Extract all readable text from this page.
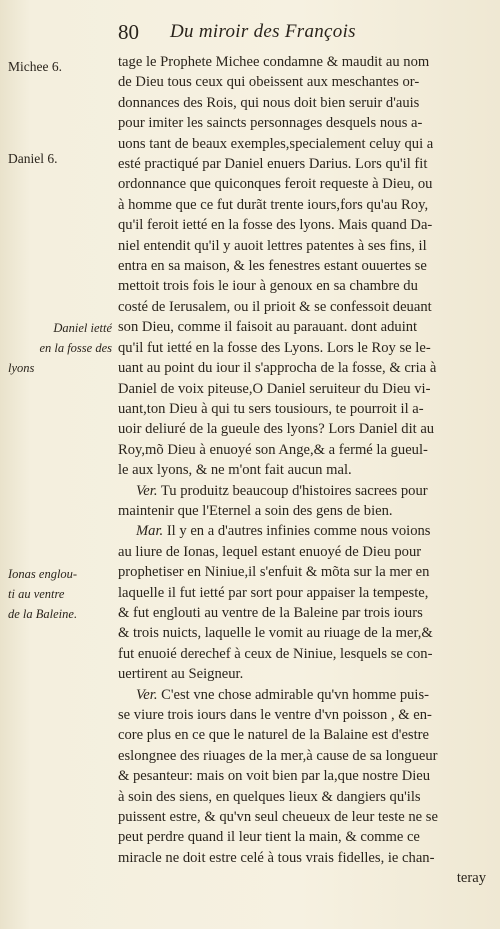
80 Du miroir des François
Michee 6.
Daniel 6.
Daniel ietté
en la fosse des
lyons
Ionas englou-
ti au ventre
de la Baleine.
tage le Prophete Michee condamne & maudit au nom
de Dieu tous ceux qui obeissent aux meschantes or-
donnances des Rois, qui nous doit bien seruir d'auis
pour imiter les saincts personnages desquels nous a-
uons tant de beaux exemples,specialement celuy qui a
esté practiqué par Daniel enuers Darius. Lors qu'il fit
ordonnance que quiconques feroit requeste à Dieu, ou
à homme que ce fut durãt trente iours,fors qu'au Roy,
qu'il feroit ietté en la fosse des lyons. Mais quand Da-
niel entendit qu'il y auoit lettres patentes à ses fins, il
entra en sa maison, & les fenestres estant ouuertes se
mettoit trois fois le iour à genoux en sa chambre du
costé de Ierusalem, ou il prioit & se confessoit deuant
son Dieu, comme il faisoit au parauant. dont aduint
qu'il fut ietté en la fosse des Lyons. Lors le Roy se le-
uant au point du iour il s'approcha de la fosse, & cria à
Daniel de voix piteuse,O Daniel seruiteur du Dieu vi-
uant,ton Dieu à qui tu sers tousiours, te pourroit il a-
uoir deliuré de la gueule des lyons? Lors Daniel dit au
Roy,mõ Dieu à enuoyé son Ange,& a fermé la gueul-
le aux lyons, & ne m'ont fait aucun mal.
Ver. Tu produitz beaucoup d'histoires sacrees pour
maintenir que l'Eternel a soin des gens de bien.
Mar. Il y en a d'autres infinies comme nous voions
au liure de Ionas, lequel estant enuoyé de Dieu pour
prophetiser en Niniue,il s'enfuit & mõta sur la mer en
laquelle il fut ietté par sort pour appaiser la tempeste,
& fut englouti au ventre de la Baleine par trois iours
& trois nuicts, laquelle le vomit au riuage de la mer,&
fut enuoié derechef à ceux de Niniue, lesquels se con-
uertirent au Seigneur.
Ver. C'est vne chose admirable qu'vn homme puis-
se viure trois iours dans le ventre d'vn poisson , & en-
core plus en ce que le naturel de la Balaine est d'estre
eslongnee des riuages de la mer,à cause de sa longueur
& pesanteur: mais on voit bien par la,que nostre Dieu
à soin des siens, en quelques lieux & dangiers qu'ils
puissent estre, & qu'vn seul cheueux de leur teste ne se
peut perdre quand il leur tient la main, & comme ce
miracle ne doit estre celé à tous vrais fidelles, ie chan-
teray
